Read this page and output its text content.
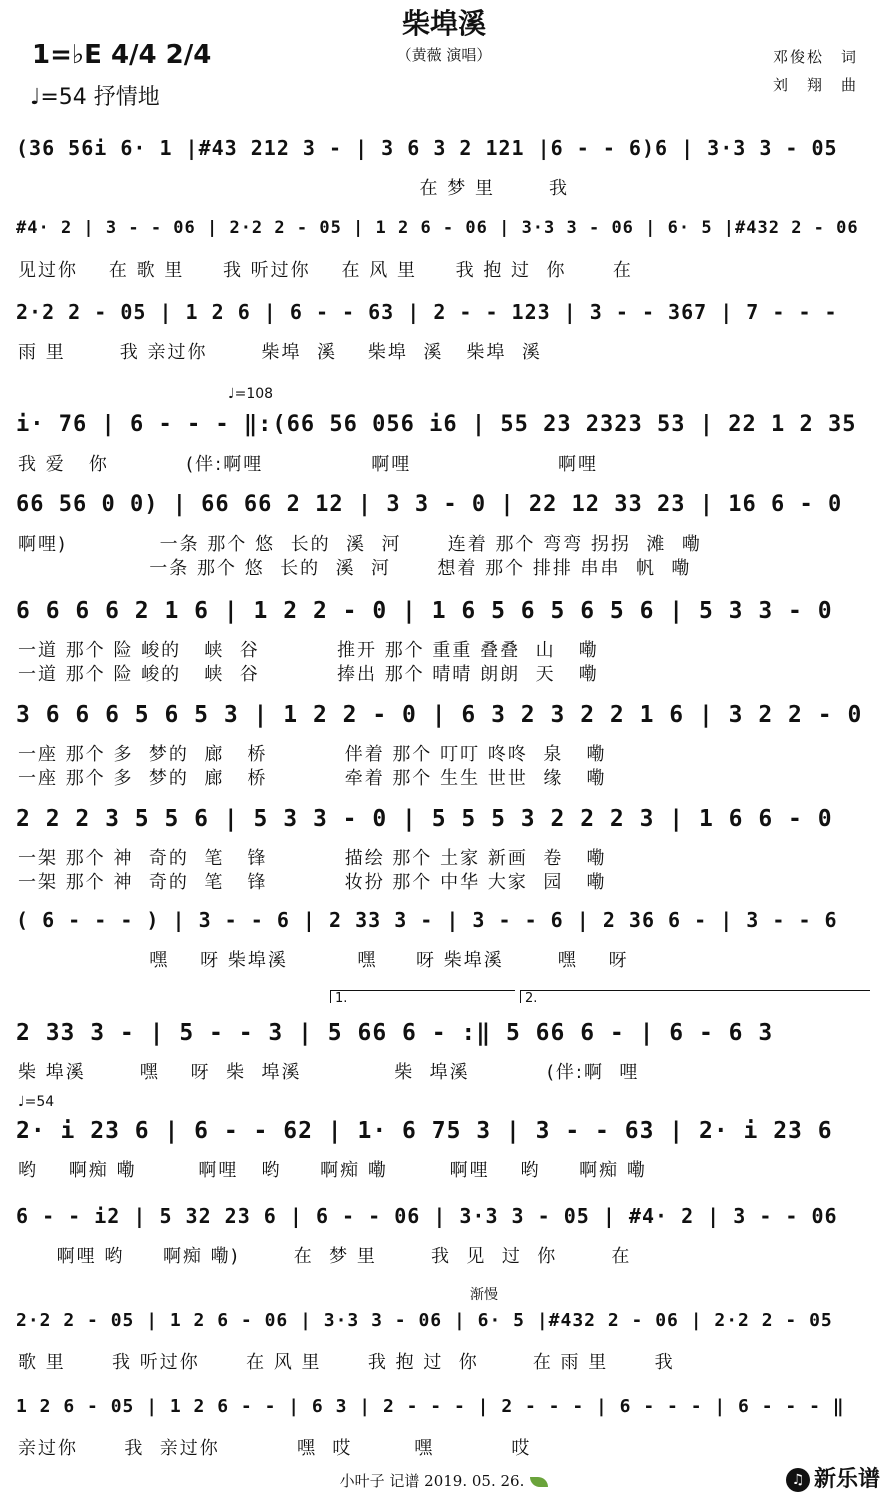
柴埠溪
（黄薇 演唱）	邓俊松　词
刘　翔　曲
1=♭E 4/4 2/4
♩=54 抒情地
(36 56i 6· 1 |#43 212 3 - | 3 6 3 2 121 |6 - - 6)6 | 3·3 3 - 05
在 梦 里       我
#4· 2 | 3 - - 06 | 2·2 2 - 05 | 1 2 6 - 06 | 3·3 3 - 06 | 6· 5 |#432 2 - 06
见过你    在 歌 里     我 听过你    在 风 里     我 抱 过  你      在
2·2 2 - 05 | 1 2 6 | 6 - - 63 | 2 - - 123 | 3 - - 367 | 7 - - -
雨 里       我 亲过你       柴埠  溪    柴埠  溪   柴埠  溪
i· 76 | 6 - - - ‖:(66 56 056 i6 | 55 23 2323 53 | 22 1 2 35
我 爱   你          (伴:啊哩              啊哩                   啊哩
66 56 0 0) | 66 66 2 12 | 3 3 - 0 | 22 12 33 23 | 16 6 - 0
啊哩)            一条 那个 悠  长的  溪  河      连着 那个 弯弯 拐拐  滩  嘞
一条 那个 悠  长的  溪  河      想着 那个 排排 串串  帆  嘞
6 6 6 6 2 1 6 | 1 2 2 - 0 | 1 6 5 6 5 6 5 6 | 5 3 3 - 0
一道 那个 险 峻的   峡  谷          推开 那个 重重 叠叠  山   嘞
一道 那个 险 峻的   峡  谷          捧出 那个 晴晴 朗朗  天   嘞
3 6 6 6 5 6 5 3 | 1 2 2 - 0 | 6 3 2 3 2 2 1 6 | 3 2 2 - 0
一座 那个 多  梦的  廊   桥          伴着 那个 叮叮 咚咚  泉   嘞
一座 那个 多  梦的  廊   桥          牵着 那个 生生 世世  缘   嘞
2 2 2 3 5 5 6 | 5 3 3 - 0 | 5 5 5 3 2 2 2 3 | 1 6 6 - 0
一架 那个 神  奇的  笔   锋          描绘 那个 土家 新画  卷   嘞
一架 那个 神  奇的  笔   锋          妆扮 那个 中华 大家  园   嘞
( 6 - - - ) | 3 - - 6 | 2 33 3 - | 3 - - 6 | 2 36 6 - | 3 - - 6
嘿    呀 柴埠溪         嘿     呀 柴埠溪       嘿    呀
2 33 3 - | 5 - - 3 | 5 66 6 - :‖ 5 66 6 - | 6 - 6 3
柴 埠溪       嘿    呀  柴  埠溪            柴  埠溪          (伴:啊  哩
2· i 23 6 | 6 - - 62 | 1· 6 75 3 | 3 - - 63 | 2· i 23 6
哟    啊痴 嘞        啊哩   哟     啊痴 嘞        啊哩    哟     啊痴 嘞
6 - - i2 | 5 32 23 6 | 6 - - 06 | 3·3 3 - 05 | #4· 2 | 3 - - 06
啊哩 哟     啊痴 嘞)       在  梦 里       我  见  过  你       在
2·2 2 - 05 | 1 2 6 - 06 | 3·3 3 - 06 | 6· 5 |#432 2 - 06 | 2·2 2 - 05
歌 里      我 听过你      在 风 里      我 抱 过  你       在 雨 里      我
1 2 6 - 05 | 1 2 6 - - | 6 3 | 2 - - - | 2 - - - | 6 - - - | 6 - - - ‖
亲过你      我  亲过你          嘿  哎        嘿          哎
♩=108
♩=54
1.	2.
渐慢
小叶子 记谱 2019. 05. 26.	♫ 新乐谱
